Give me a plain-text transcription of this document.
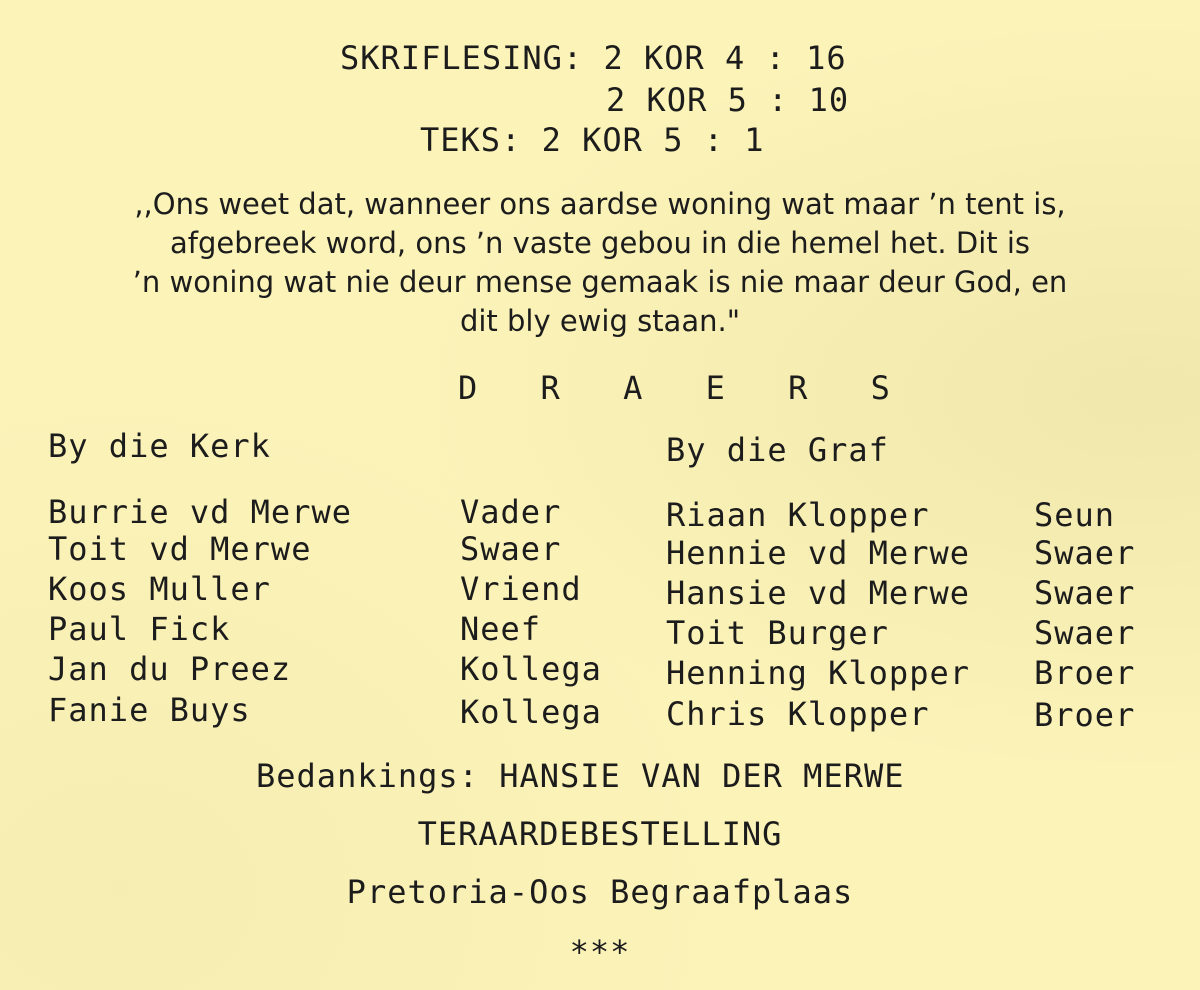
SKRIFLESING: 2 KOR 4 : 16
2 KOR 5 : 10
TEKS: 2 KOR 5 : 1
,,Ons weet dat, wanneer ons aardse woning wat maar ’n tent is,
afgebreek word, ons ’n vaste gebou in die hemel het. Dit is
’n woning wat nie deur mense gemaak is nie maar deur God, en
dit bly ewig staan."
D R A E R S
By die Kerk	By die Graf
Burrie vd Merwe	Vader	Riaan Klopper	Seun
Toit vd Merwe	Swaer	Hennie vd Merwe Swaer
Koos Muller	Vriend	Hansie vd Merwe Swaer
Paul Fick	Neef	Toit Burger	Swaer
Jan du Preez	Kollega Henning Klopper Broer
Fanie Buys	Kollega Chris Klopper	Broer
Bedankings: HANSIE VAN DER MERWE
TERAARDEBESTELLING
Pretoria-Oos Begraafplaas
***
